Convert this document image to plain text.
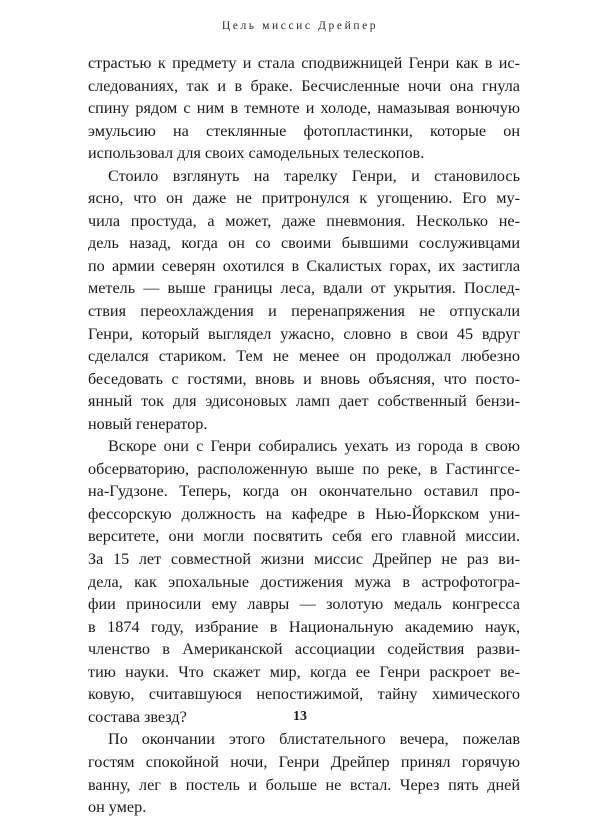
Цель миссис Дрейпер
страстью к предмету и стала сподвижницей Генри как в ис-
следованиях, так и в браке. Бесчисленные ночи она гнула
спину рядом с ним в темноте и холоде, намазывая вонючую
эмульсию на стеклянные фотопластинки, которые он
использовал для своих самодельных телескопов.
Стоило взглянуть на тарелку Генри, и становилось
ясно, что он даже не притронулся к угощению. Его му-
чила простуда, а может, даже пневмония. Несколько не-
дель назад, когда он со своими бывшими сослуживцами
по армии северян охотился в Скалистых горах, их застигла
метель — выше границы леса, вдали от укрытия. Послед-
ствия переохлаждения и перенапряжения не отпускали
Генри, который выглядел ужасно, словно в свои 45 вдруг
сделался стариком. Тем не менее он продолжал любезно
беседовать с гостями, вновь и вновь объясняя, что посто-
янный ток для эдисоновых ламп дает собственный бензи-
новый генератор.
Вскоре они с Генри собирались уехать из города в свою
обсерваторию, расположенную выше по реке, в Гастингсе-
на-Гудзоне. Теперь, когда он окончательно оставил про-
фессорскую должность на кафедре в Нью-Йоркском уни-
верситете, они могли посвятить себя его главной миссии.
За 15 лет совместной жизни миссис Дрейпер не раз ви-
дела, как эпохальные достижения мужа в астрофотогра-
фии приносили ему лавры — золотую медаль конгресса
в 1874 году, избрание в Национальную академию наук,
членство в Американской ассоциации содействия разви-
тию науки. Что скажет мир, когда ее Генри раскроет ве-
ковую, считавшуюся непостижимой, тайну химического
состава звезд?
По окончании этого блистательного вечера, пожелав
гостям спокойной ночи, Генри Дрейпер принял горячую
ванну, лег в постель и больше не встал. Через пять дней
он умер.
13
